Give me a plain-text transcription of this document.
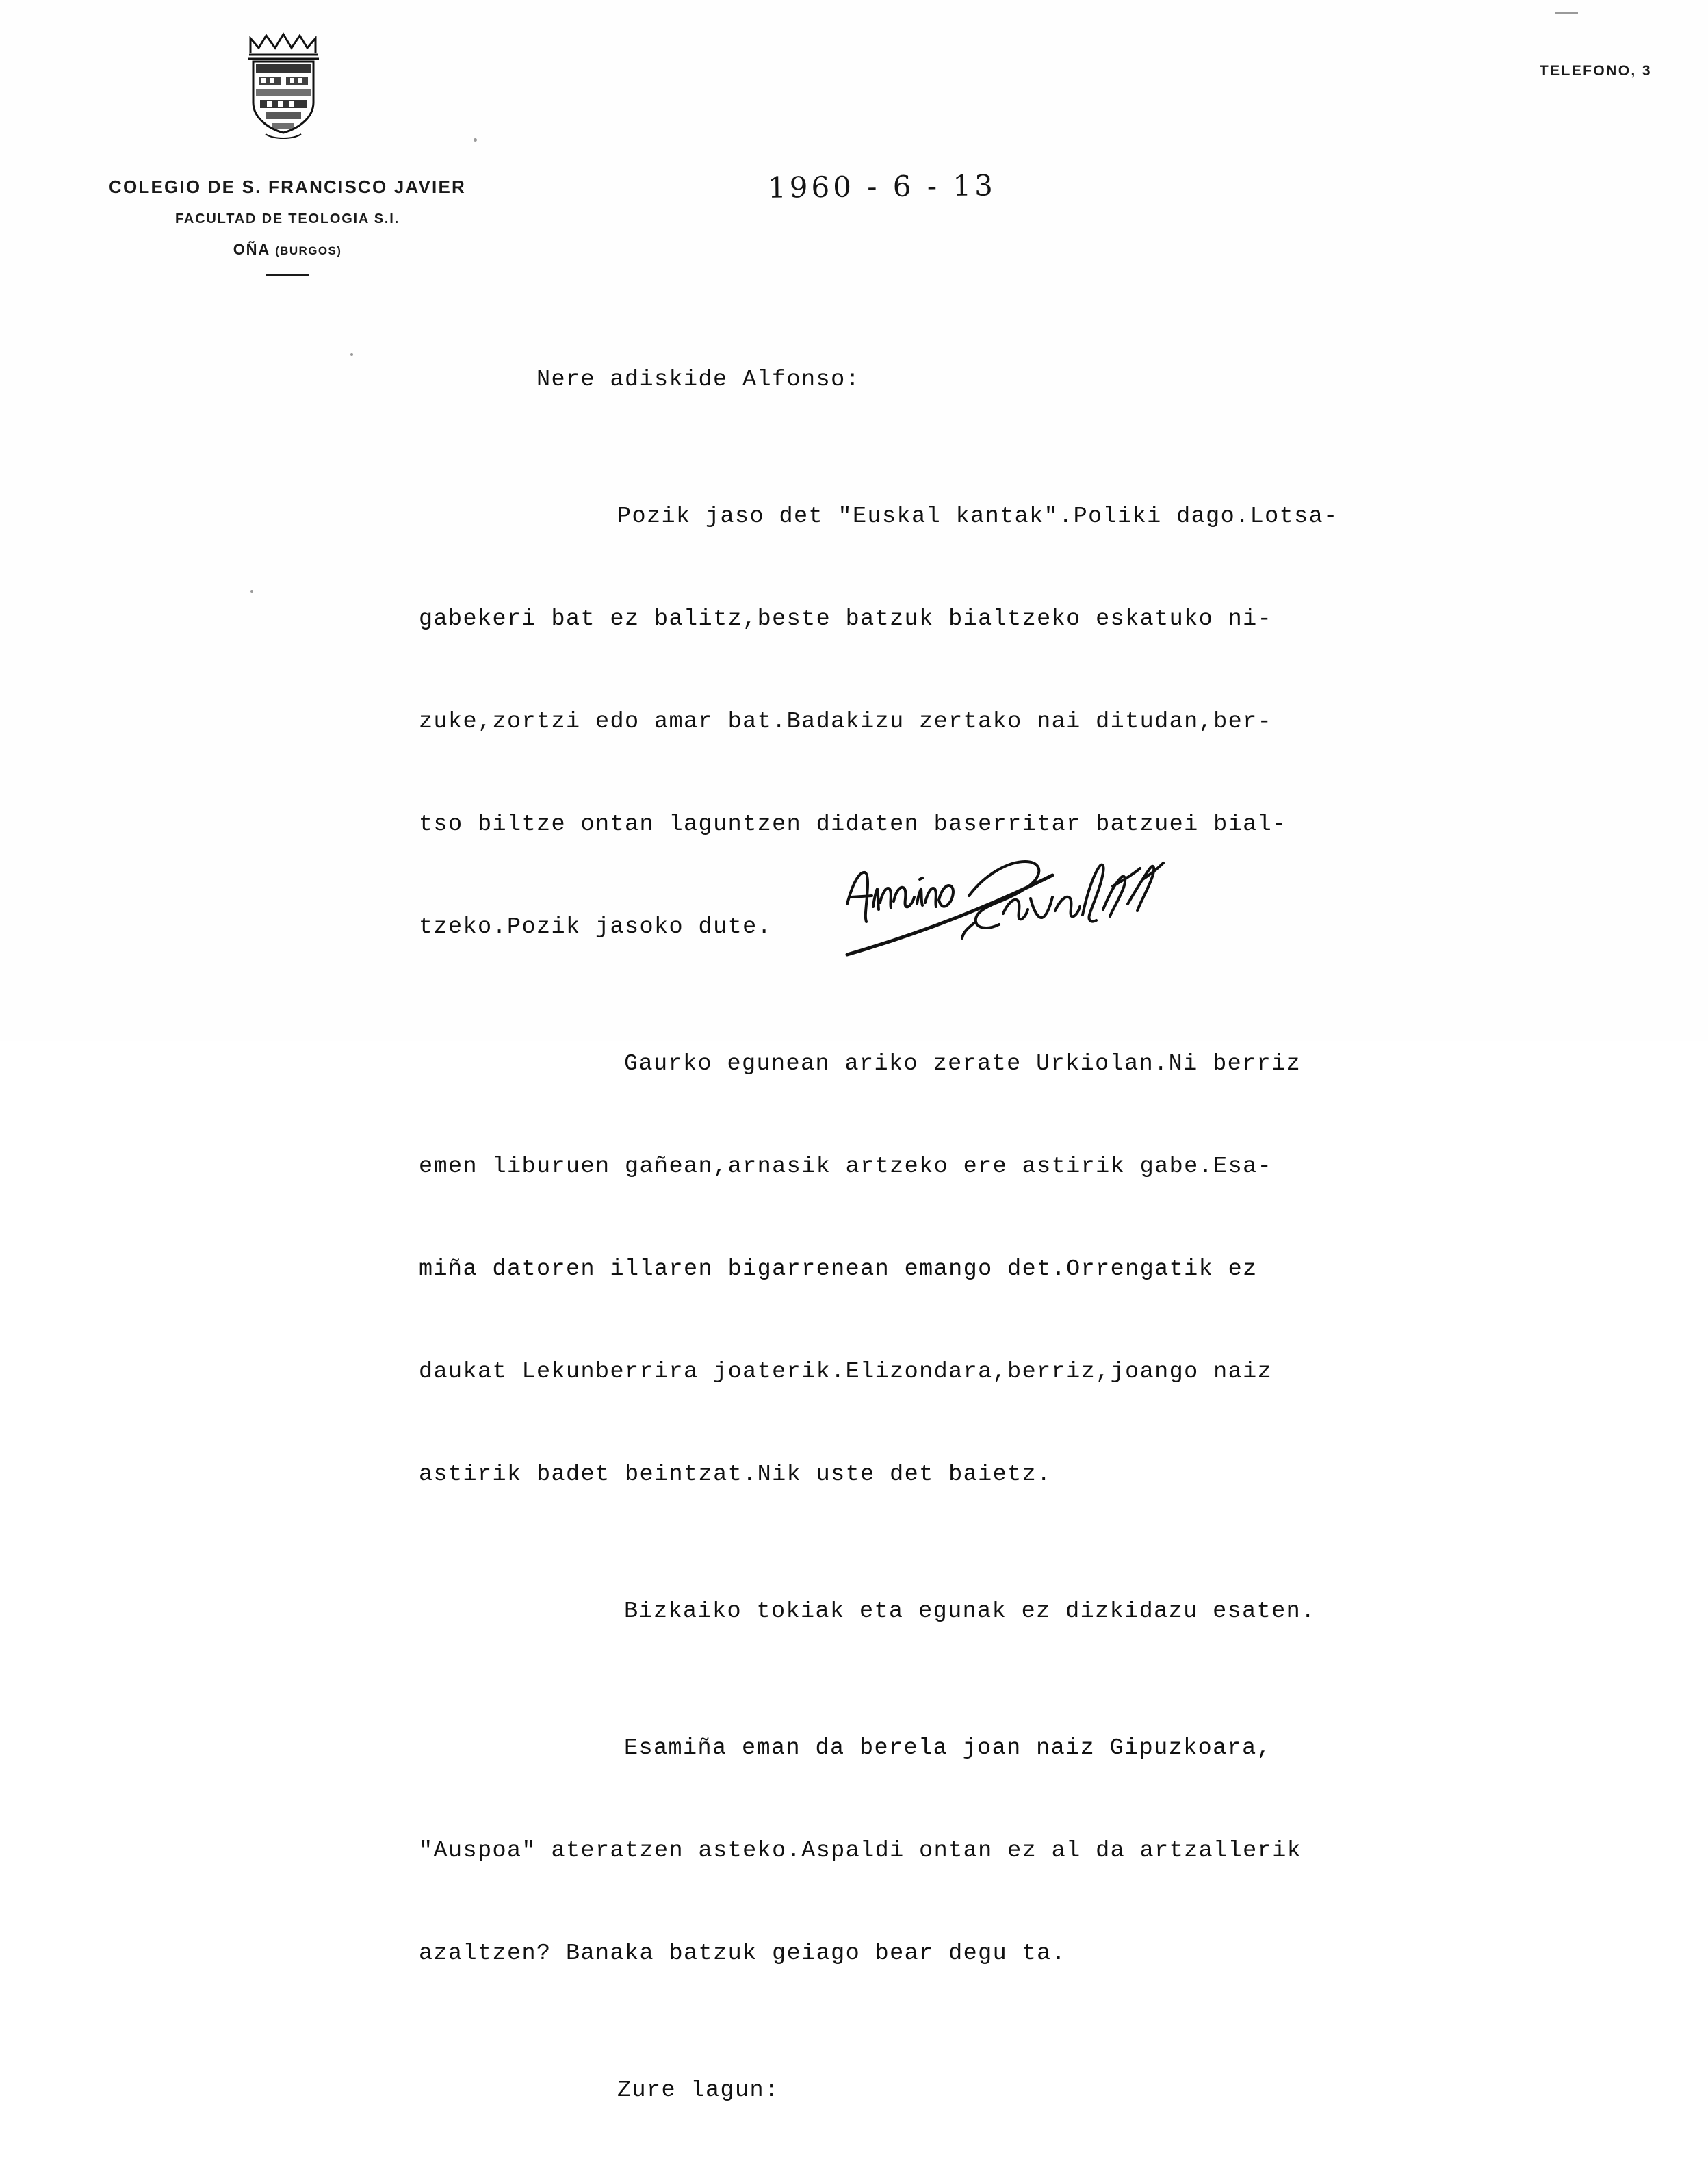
TELEFONO, 3
COLEGIO DE S. FRANCISCO JAVIER
FACULTAD DE TEOLOGIA S.I.
OÑA (BURGOS)
1960 - 6 - 13

Nere adiskide Alfonso:

Pozik jaso det "Euskal kantak".Poliki dago.Lotsa-

gabekeri bat ez balitz,beste batzuk bialtzeko eskatuko ni-

zuke,zortzi edo amar bat.Badakizu zertako nai ditudan,ber-

tso biltze ontan laguntzen didaten baserritar batzuei bial-

tzeko.Pozik jasoko dute.

Gaurko egunean ariko zerate Urkiolan.Ni berriz

emen liburuen gañean,arnasik artzeko ere astirik gabe.Esa-

miña datoren illaren bigarrenean emango det.Orrengatik ez

daukat Lekunberrira joaterik.Elizondara,berriz,joango naiz

astirik badet beintzat.Nik uste det baietz.

Bizkaiko tokiak eta egunak ez dizkidazu esaten.

Esamiña eman da berela joan naiz Gipuzkoara,

"Auspoa" ateratzen asteko.Aspaldi ontan ez al da artzallerik

azaltzen? Banaka batzuk geiago bear degu ta.

Zure lagun:
